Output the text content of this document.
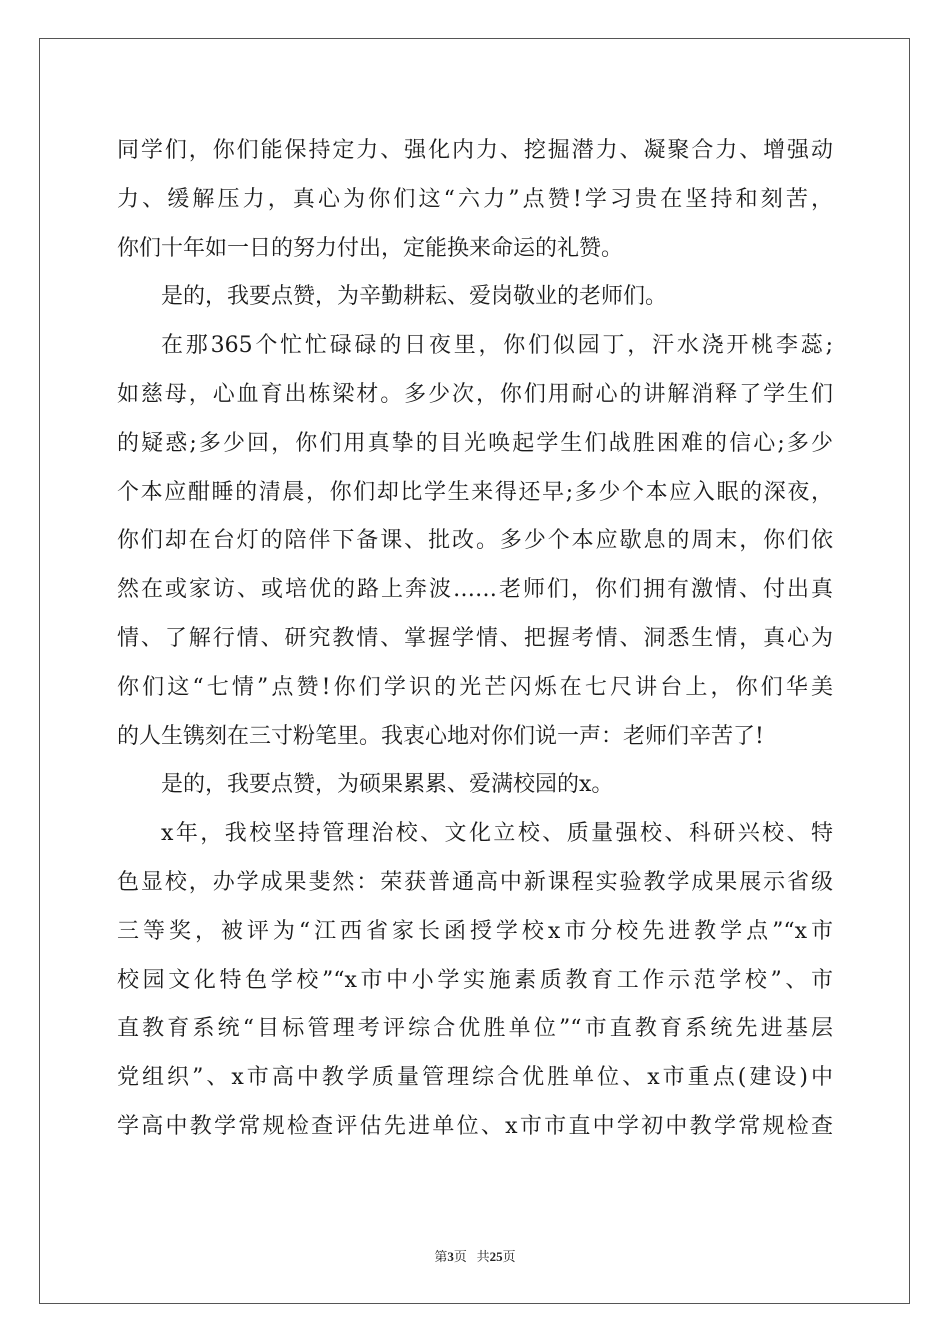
同学们，你们能保持定力、强化内力、挖掘潜力、凝聚合力、增强动
力、缓解压力，真心为你们这“六力”点赞!学习贵在坚持和刻苦，
你们十年如一日的努力付出，定能换来命运的礼赞。
是的，我要点赞，为辛勤耕耘、爱岗敬业的老师们。
在那365个忙忙碌碌的日夜里，你们似园丁，汗水浇开桃李蕊;
如慈母，心血育出栋梁材。多少次，你们用耐心的讲解消释了学生们
的疑惑;多少回，你们用真挚的目光唤起学生们战胜困难的信心;多少
个本应酣睡的清晨，你们却比学生来得还早;多少个本应入眠的深夜，
你们却在台灯的陪伴下备课、批改。多少个本应歇息的周末，你们依
然在或家访、或培优的路上奔波……老师们，你们拥有激情、付出真
情、了解行情、研究教情、掌握学情、把握考情、洞悉生情，真心为
你们这“七情”点赞!你们学识的光芒闪烁在七尺讲台上，你们华美
的人生镌刻在三寸粉笔里。我衷心地对你们说一声：老师们辛苦了!
是的，我要点赞，为硕果累累、爱满校园的x。
x年，我校坚持管理治校、文化立校、质量强校、科研兴校、特
色显校，办学成果斐然：荣获普通高中新课程实验教学成果展示省级
三等奖，被评为“江西省家长函授学校x市分校先进教学点”“x市
校园文化特色学校”“x市中小学实施素质教育工作示范学校”、市
直教育系统“目标管理考评综合优胜单位”“市直教育系统先进基层
党组织”、x市高中教学质量管理综合优胜单位、x市重点(建设)中
学高中教学常规检查评估先进单位、x市市直中学初中教学常规检查
第3页   共25页
